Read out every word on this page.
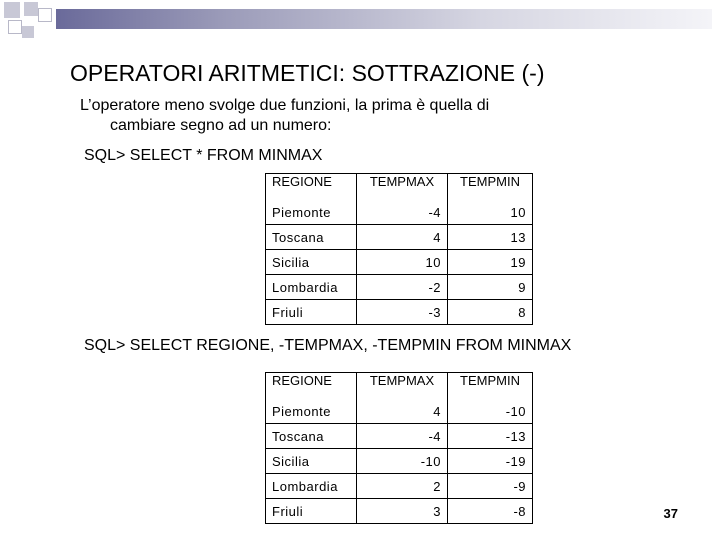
OPERATORI ARITMETICI: SOTTRAZIONE (-)
L’operatore meno svolge due funzioni, la prima è quella di
cambiare segno ad un numero:
SQL> SELECT * FROM MINMAX
REGIONE	TEMPMAX	TEMPMIN
Piemonte	-4	10
Toscana	4	13
Sicilia	10	19
Lombardia	-2	9
Friuli	-3	8
SQL> SELECT REGIONE, -TEMPMAX, -TEMPMIN FROM MINMAX
REGIONE	TEMPMAX	TEMPMIN
Piemonte	4	-10
Toscana	-4	-13
Sicilia	-10	-19
Lombardia	2	-9
Friuli	3	-8	37
